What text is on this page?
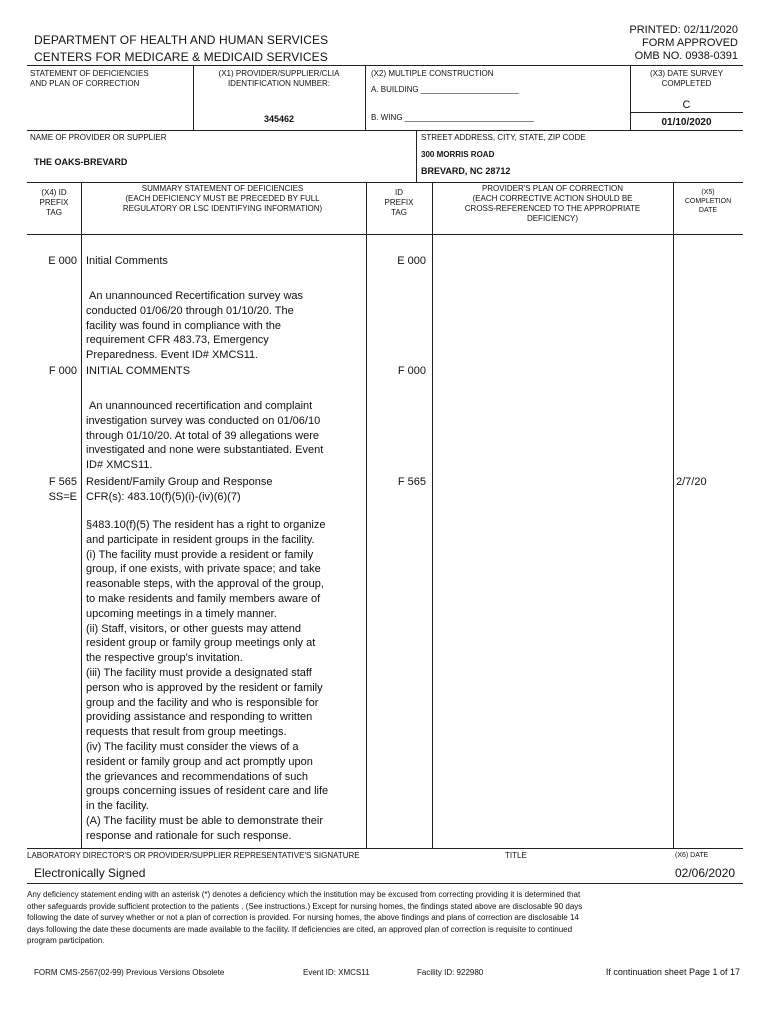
DEPARTMENT OF HEALTH AND HUMAN SERVICES
CENTERS FOR MEDICARE & MEDICAID SERVICES
PRINTED: 02/11/2020
FORM APPROVED
OMB NO. 0938-0391
STATEMENT OF DEFICIENCIES
AND PLAN OF CORRECTION
(X1) PROVIDER/SUPPLIER/CLIA
IDENTIFICATION NUMBER:
345462
(X2) MULTIPLE CONSTRUCTION
A. BUILDING ______________________
B. WING _____________________________
(X3) DATE SURVEY
COMPLETED
C
01/10/2020
NAME OF PROVIDER OR SUPPLIER
THE OAKS-BREVARD
STREET ADDRESS, CITY, STATE, ZIP CODE
300 MORRIS ROAD
BREVARD, NC 28712
(X4) ID
PREFIX
TAG
SUMMARY STATEMENT OF DEFICIENCIES
(EACH DEFICIENCY MUST BE PRECEDED BY FULL
REGULATORY OR LSC IDENTIFYING INFORMATION)
ID
PREFIX
TAG
PROVIDER'S PLAN OF CORRECTION
(EACH CORRECTIVE ACTION SHOULD BE
CROSS-REFERENCED TO THE APPROPRIATE
DEFICIENCY)
(X5)
COMPLETION
DATE
E 000 Initial Comments	E 000
An unannounced Recertification survey was
conducted 01/06/20 through 01/10/20. The
facility was found in compliance with the
requirement CFR 483.73, Emergency
Preparedness. Event ID# XMCS11.
F 000 INITIAL COMMENTS	F 000
An unannounced recertification and complaint
investigation survey was conducted on 01/06/10
through 01/10/20. At total of 39 allegations were
investigated and none were substantiated. Event
ID# XMCS11.
F 565
SS=E
Resident/Family Group and Response
CFR(s): 483.10(f)(5)(i)-(iv)(6)(7)
F 565	2/7/20
§483.10(f)(5) The resident has a right to organize
and participate in resident groups in the facility.
(i) The facility must provide a resident or family
group, if one exists, with private space; and take
reasonable steps, with the approval of the group,
to make residents and family members aware of
upcoming meetings in a timely manner.
(ii) Staff, visitors, or other guests may attend
resident group or family group meetings only at
the respective group's invitation.
(iii) The facility must provide a designated staff
person who is approved by the resident or family
group and the facility and who is responsible for
providing assistance and responding to written
requests that result from group meetings.
(iv) The facility must consider the views of a
resident or family group and act promptly upon
the grievances and recommendations of such
groups concerning issues of resident care and life
in the facility.
(A) The facility must be able to demonstrate their
response and rationale for such response.
LABORATORY DIRECTOR'S OR PROVIDER/SUPPLIER REPRESENTATIVE'S SIGNATURE	TITLE	(X6) DATE
Electronically Signed	02/06/2020
Any deficiency statement ending with an asterisk (*) denotes a deficiency which the institution may be excused from correcting providing it is determined that
other safeguards provide sufficient protection to the patients . (See instructions.) Except for nursing homes, the findings stated above are disclosable 90 days
following the date of survey whether or not a plan of correction is provided. For nursing homes, the above findings and plans of correction are disclosable 14
days following the date these documents are made available to the facility. If deficiencies are cited, an approved plan of correction is requisite to continued
program participation.
FORM CMS-2567(02-99) Previous Versions Obsolete	Event ID: XMCS11	Facility ID: 922980	If continuation sheet Page 1 of 17
